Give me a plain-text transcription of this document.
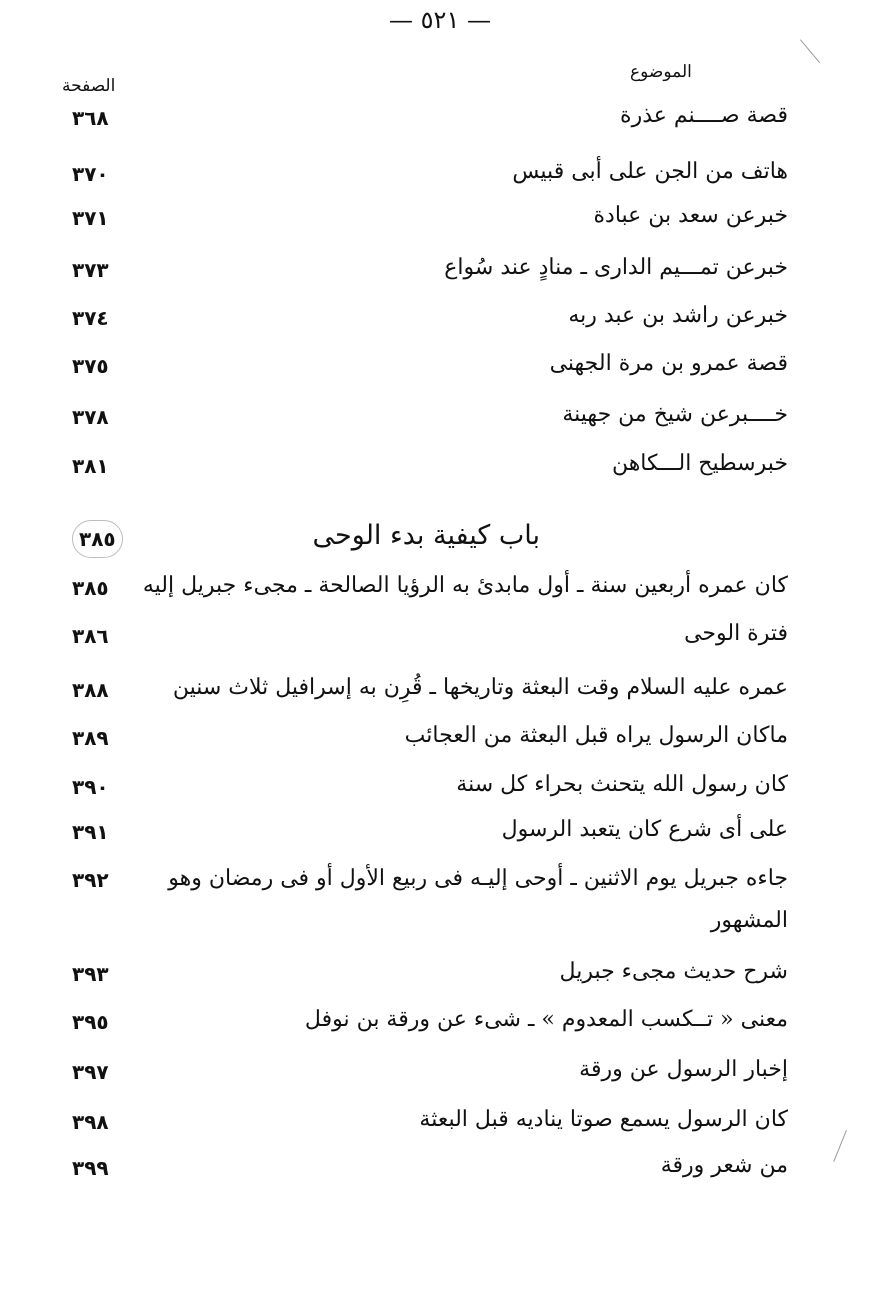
— ٥٢١ —
الموضوع
الصفحة
قصة صــــنم عذرة
٣٦٨
هاتف من الجن على أبى قبيس
٣٧٠
خبرعن سعد بن عبادة
٣٧١
خبرعن تمـــيم الدارى ـ منادٍ عند سُواع
٣٧٣
خبرعن راشد بن عبد ربه
٣٧٤
قصة عمرو بن مرة الجهنى
٣٧٥
خــــبرعن شيخ من جهينة
٣٧٨
خبرسطيح الـــكاهن
٣٨١
باب كيفية بدء الوحى
٣٨٥
كان عمره أربعين سنة ـ أول مابدئ به الرؤيا الصالحة ـ مجىء جبريل إليه
٣٨٥
فترة الوحى
٣٨٦
عمره عليه السلام وقت البعثة وتاريخها ـ قُرِن به إسرافيل ثلاث سنين
٣٨٨
ماكان الرسول يراه قبل البعثة من العجائب
٣٨٩
كان رسول الله يتحنث بحراء كل سنة
٣٩٠
على أى شرع كان يتعبد الرسول
٣٩١
جاءه جبريل يوم الاثنين ـ أوحى إليـه فى ربيع الأول أو فى رمضان وهو المشهور
٣٩٢
شرح حديث مجىء جبريل
٣٩٣
معنى « تــكسب المعدوم » ـ شىء عن ورقة بن نوفل
٣٩٥
إخبار الرسول عن ورقة
٣٩٧
كان الرسول يسمع صوتا يناديه قبل البعثة
٣٩٨
من شعر ورقة
٣٩٩
